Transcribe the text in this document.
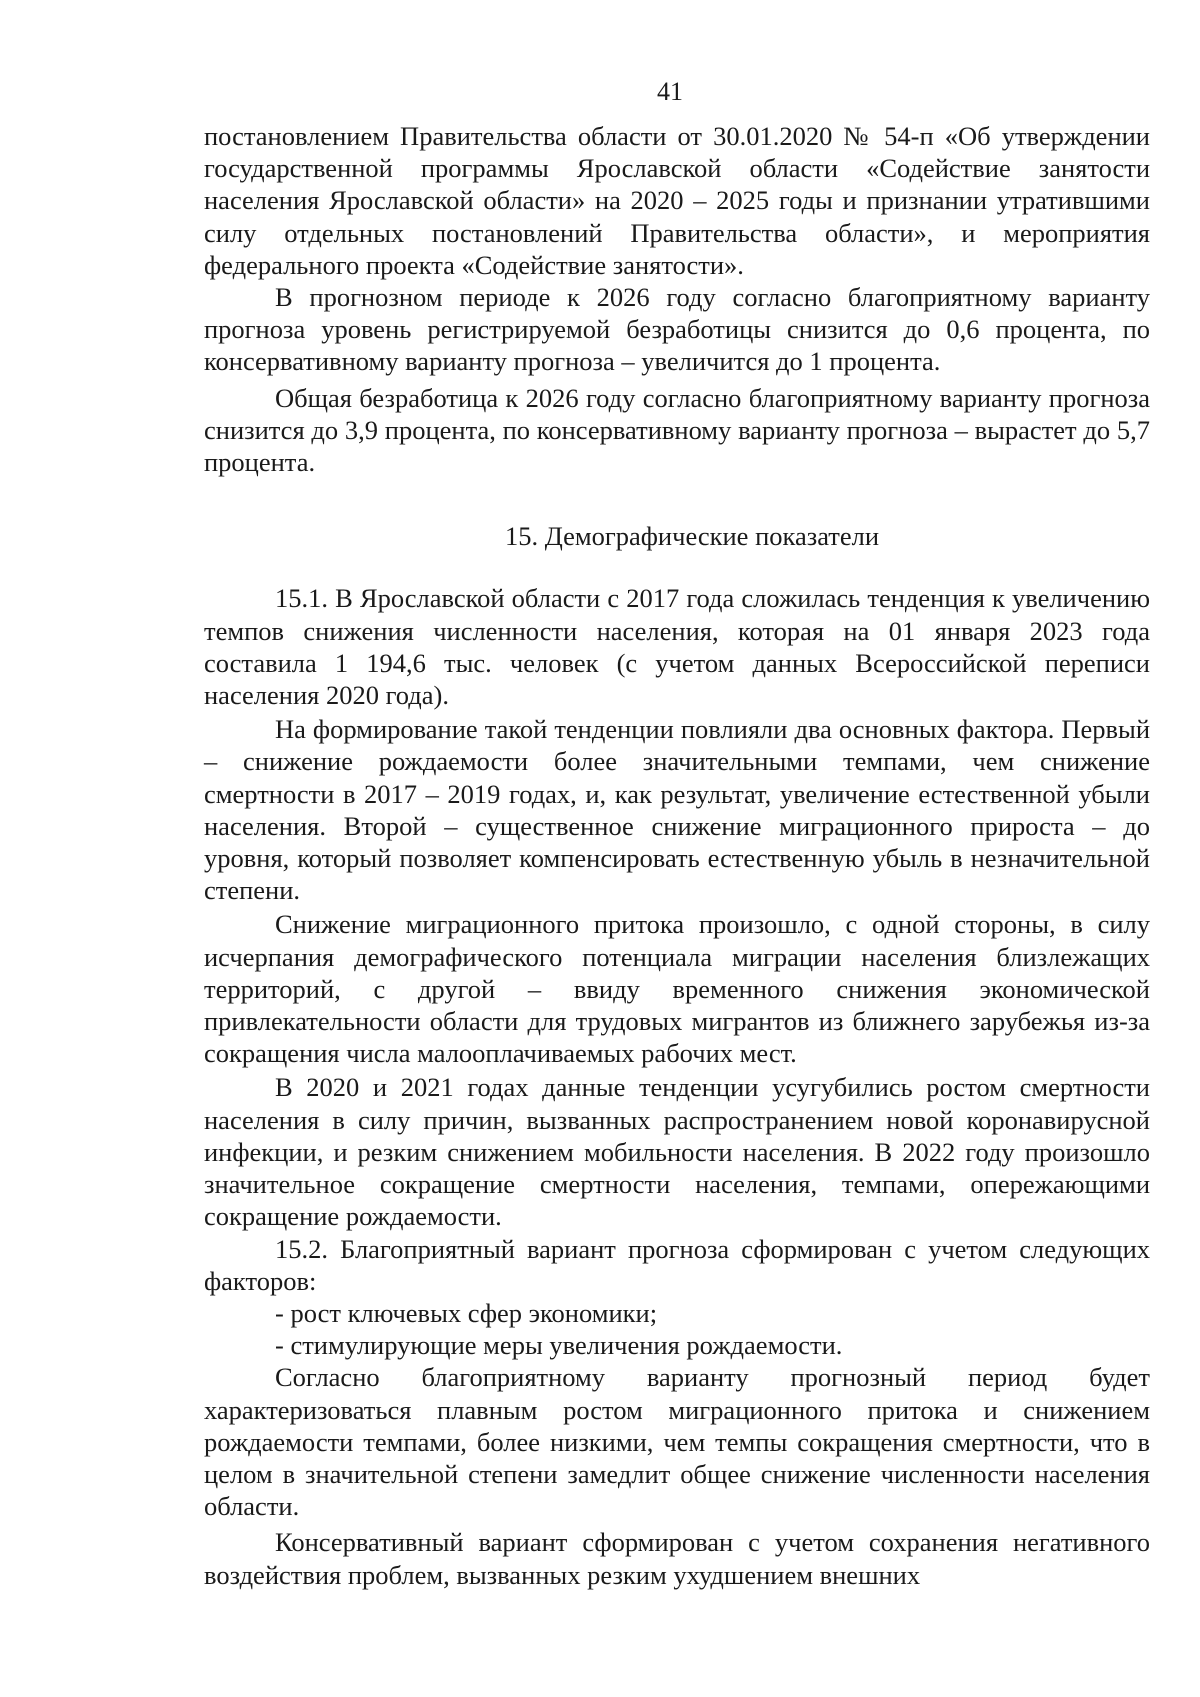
41

постановлением Правительства области от 30.01.2020 № 54-п «Об утверждении государственной программы Ярославской области «Содействие занятости населения Ярославской области» на 2020 – 2025 годы и признании утратившими силу отдельных постановлений Правительства области», и мероприятия федерального проекта «Содействие занятости».

В прогнозном периоде к 2026 году согласно благоприятному варианту прогноза уровень регистрируемой безработицы снизится до 0,6 процента, по консервативному варианту прогноза – увеличится до 1 процента.

Общая безработица к 2026 году согласно благоприятному варианту прогноза снизится до 3,9 процента, по консервативному варианту прогноза – вырастет до 5,7 процента.

15. Демографические показатели

15.1. В Ярославской области с 2017 года сложилась тенденция к увеличению темпов снижения численности населения, которая на 01 января 2023 года составила 1 194,6 тыс. человек (с учетом данных Всероссийской переписи населения 2020 года).

На формирование такой тенденции повлияли два основных фактора. Первый – снижение рождаемости более значительными темпами, чем снижение смертности в 2017 – 2019 годах, и, как результат, увеличение естественной убыли населения. Второй – существенное снижение миграционного прироста – до уровня, который позволяет компенсировать естественную убыль в незначительной степени.

Снижение миграционного притока произошло, с одной стороны, в силу исчерпания демографического потенциала миграции населения близлежащих территорий, с другой – ввиду временного снижения экономической привлекательности области для трудовых мигрантов из ближнего зарубежья из-за сокращения числа малооплачиваемых рабочих мест.

В 2020 и 2021 годах данные тенденции усугубились ростом смертности населения в силу причин, вызванных распространением новой коронавирусной инфекции, и резким снижением мобильности населения. В 2022 году произошло значительное сокращение смертности населения, темпами, опережающими сокращение рождаемости.

15.2. Благоприятный вариант прогноза сформирован с учетом следующих факторов:

- рост ключевых сфер экономики;

- стимулирующие меры увеличения рождаемости.

Согласно благоприятному варианту прогнозный период будет характеризоваться плавным ростом миграционного притока и снижением рождаемости темпами, более низкими, чем темпы сокращения смертности, что в целом в значительной степени замедлит общее снижение численности населения области.

Консервативный вариант сформирован с учетом сохранения негативного воздействия проблем, вызванных резким ухудшением внешних
